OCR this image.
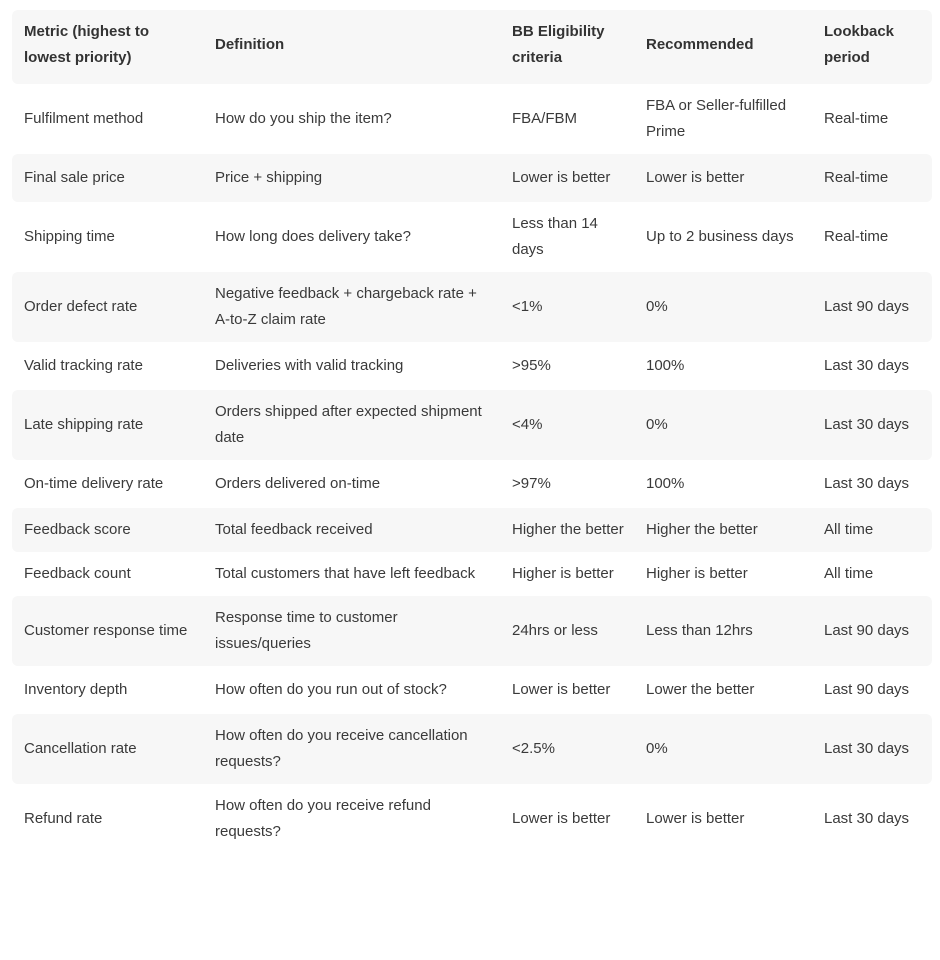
Metric (highest to lowest priority)	Definition	BB Eligibility criteria	Recommended	Lookback period
Fulfilment method	How do you ship the item?	FBA/FBM	FBA or Seller-fulfilled Prime	Real-time
Final sale price	Price + shipping	Lower is better	Lower is better	Real-time
Shipping time	How long does delivery take?	Less than 14 days	Up to 2 business days	Real-time
Order defect rate	Negative feedback + chargeback rate + A-to-Z claim rate	<1%	0%	Last 90 days
Valid tracking rate	Deliveries with valid tracking	>95%	100%	Last 30 days
Late shipping rate	Orders shipped after expected shipment date	<4%	0%	Last 30 days
On-time delivery rate	Orders delivered on-time	>97%	100%	Last 30 days
Feedback score	Total feedback received	Higher the better	Higher the better	All time
Feedback count	Total customers that have left feedback	Higher is better	Higher is better	All time
Customer response time	Response time to customer issues/queries	24hrs or less	Less than 12hrs	Last 90 days
Inventory depth	How often do you run out of stock?	Lower is better	Lower the better	Last 90 days
Cancellation rate	How often do you receive cancellation requests?	<2.5%	0%	Last 30 days
Refund rate	How often do you receive refund requests?	Lower is better	Lower is better	Last 30 days
